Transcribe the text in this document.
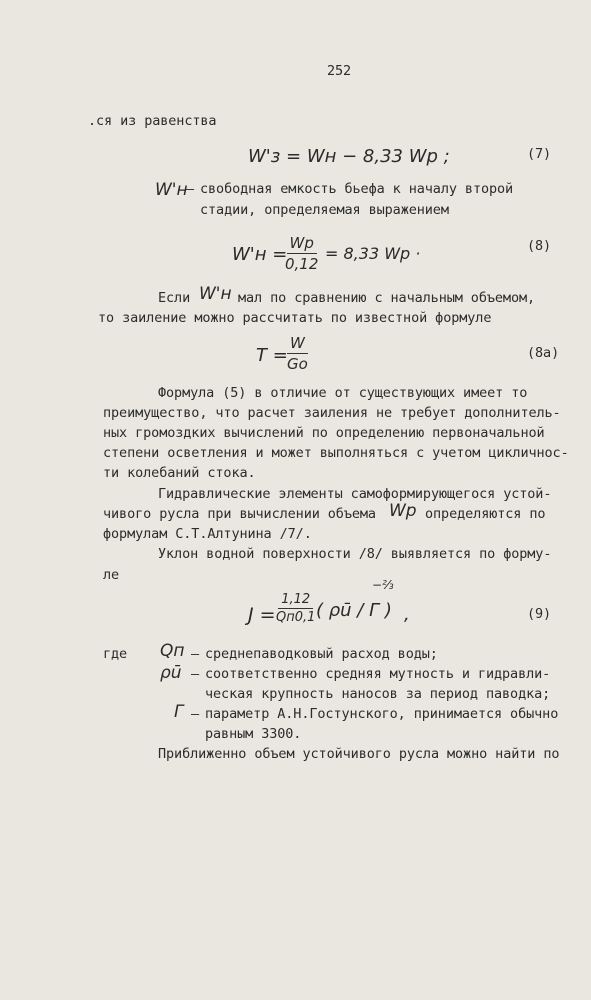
252
.ся из равенства
W'з = Wн − 8,33 Wр ;	(7)
W'н
– свободная емкость бьефа к началу второй
стадии, определяемая выражением
W'н =
Wр
0,12
= 8,33 Wр ·	(8)
Если W'н мал по сравнению с начальным объемом,
то заиление можно рассчитать по известной формуле
T =
$\frac{W}{Go}$	(8а)
Формула (5) в отличие от существующих имеет то
преимущество, что расчет заиления не требует дополнитель-
ных громоздких вычислений по определению первоначальной
степени осветления и может выполняться с учетом цикличнос-
ти колебаний стока.
Гидравлические элементы самоформирующегося устой-
чивого русла при вычислении объема Wр определяются по
формулам С.Т.Алтунина /7/.
Уклон водной поверхности /8/ выявляется по форму-
ле
J =
1,12
Qп0,1 ( ρū / Г )
−⅔
,	(9)
где Qп – среднепаводковый расход воды;
ρū – соответственно средняя мутность и гидравли-
ческая крупность наносов за период паводка;
Г – параметр А.Н.Гостунского, принимается обычно
равным 3300.
Приближенно объем устойчивого русла можно найти по
